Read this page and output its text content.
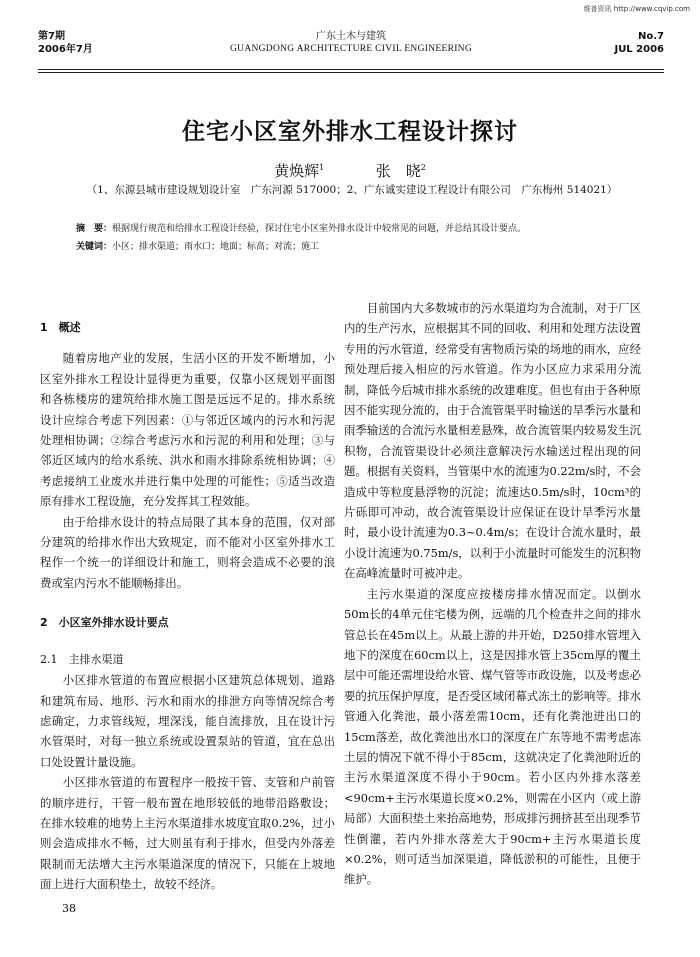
维普资讯 http://www.cqvip.com
第7期
2006年7月
广东土木与建筑
GUANGDONG ARCHITECTURE CIVIL ENGINEERING
No.7
JUL 2006
住宅小区室外排水工程设计探讨
黄焕辉$^1$	张　晓$^2$
（1、东源县城市建设规划设计室　广东河源 517000；2、广东诚实建设工程设计有限公司　广东梅州 514021）
摘　要：根据现行规范和给排水工程设计经验，探讨住宅小区室外排水设计中较常见的问题，并总结其设计要点。
关键词：小区；排水渠道；雨水口；地面；标高；对流；施工

1　概述

随着房地产业的发展，生活小区的开发不断增加，小区室外排水工程设计显得更为重要，仅靠小区规划平面图和各栋楼房的建筑给排水施工图是远远不足的。排水系统设计应综合考虑下列因素：①与邻近区域内的污水和污泥处理相协调；②综合考虑污水和污泥的利用和处理；③与邻近区域内的给水系统、洪水和雨水排除系统相协调；④考虑接纳工业废水并进行集中处理的可能性；⑤适当改造原有排水工程设施，充分发挥其工程效能。

由于给排水设计的特点局限了其本身的范围，仅对部分建筑的给排水作出大致规定，而不能对小区室外排水工程作一个统一的详细设计和施工，则将会造成不必要的浪费或室内污水不能顺畅排出。

2　小区室外排水设计要点

2.1　主排水渠道

小区排水管道的布置应根据小区建筑总体规划、道路和建筑布局、地形、污水和雨水的排泄方向等情况综合考虑确定，力求管线短，埋深浅，能自流排放，且在设计污水管渠时，对每一独立系统或设置泵站的管道，宜在总出口处设置计量设施。

小区排水管道的布置程序一般按干管、支管和户前管的顺序进行，干管一般布置在地形较低的地带沿路敷设；在排水较难的地势上主污水渠道排水坡度宜取0.2%，过小则会造成排水不畅，过大则虽有利于排水，但受内外落差限制而无法增大主污水渠道深度的情况下，只能在上坡地面上进行大面积垫土，故较不经济。

目前国内大多数城市的污水渠道均为合流制，对于厂区内的生产污水，应根据其不同的回收、利用和处理方法设置专用的污水管道，经常受有害物质污染的场地的雨水，应经预处理后接入相应的污水管道。作为小区应力求采用分流制，降低今后城市排水系统的改建难度。但也有由于各种原因不能实现分流的，由于合流管渠平时输送的旱季污水量和雨季输送的合流污水量相差悬殊，故合流管渠内较易发生沉积物，合流管渠设计必须注意解决污水输送过程出现的问题。根据有关资料，当管渠中水的流速为0.22m/s时，不会造成中等粒度悬浮物的沉淀；流速达0.5m/s时，10cm³的片砾即可冲动，故合流管渠设计应保证在设计旱季污水量时，最小设计流速为0.3~0.4m/s；在设计合流水量时，最小设计流速为0.75m/s，以利于小流量时可能发生的沉积物在高峰流量时可被冲走。

主污水渠道的深度应按楼房排水情况而定。以倒水50m长的4单元住宅楼为例，远端的几个检查井之间的排水管总长在45m以上。从最上游的井开始，D250排水管埋入地下的深度在60cm以上，这是因排水管上35cm厚的覆土层中可能还需埋设给水管、煤气管等市政设施，以及考虑必要的抗压保护厚度，是否受区域闭幕式冻土的影响等。排水管通入化粪池，最小落差需10cm，还有化粪池进出口的15cm落差，故化粪池出水口的深度在广东等地不需考虑冻土层的情况下就不得小于85cm，这就决定了化粪池附近的主污水渠道深度不得小于90cm。若小区内外排水落差<90cm+主污水渠道长度×0.2%，则需在小区内（或上游局部）大面积垫土来抬高地势，形成排污拥挤甚至出现季节性倒灌，若内外排水落差大于90cm+主污水渠道长度×0.2%，则可适当加深渠道，降低淤积的可能性，且便于维护。

38
